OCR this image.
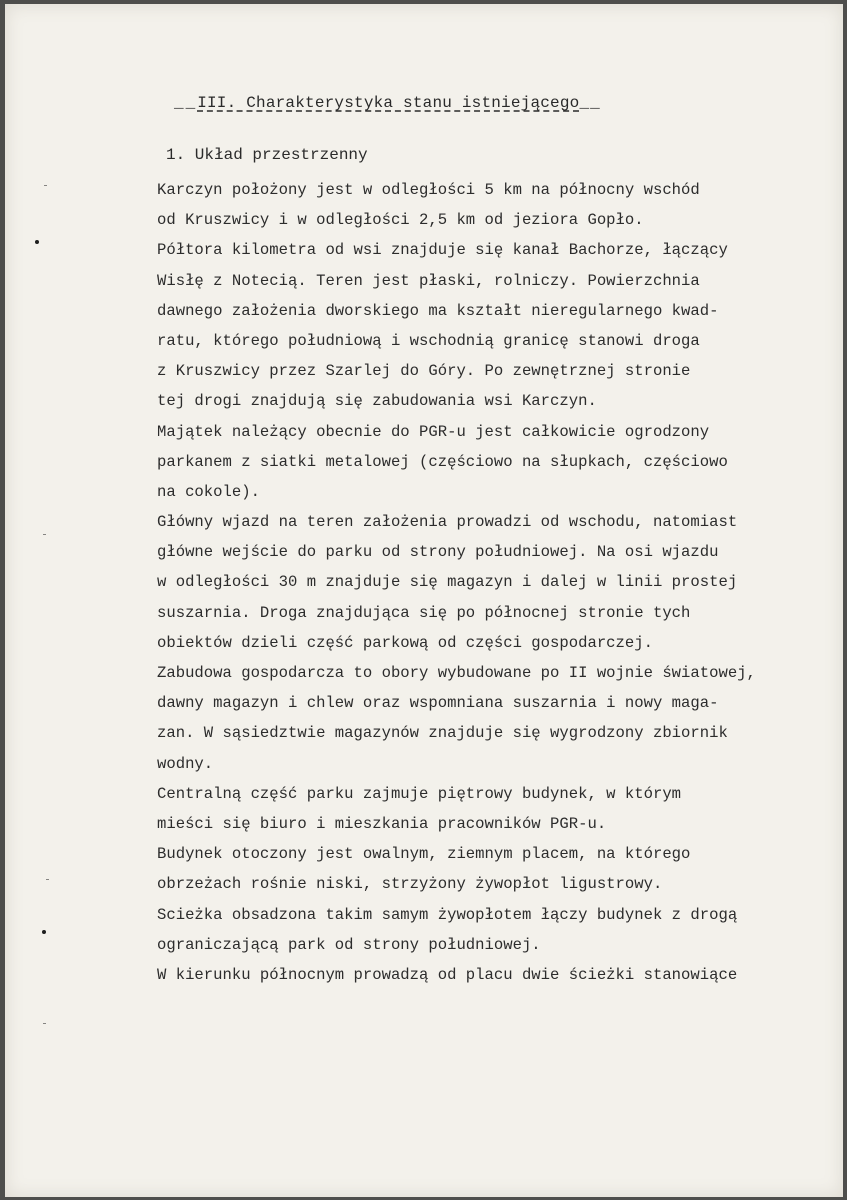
__III. Charakterystyka stanu istniejącego__
1. Układ przestrzenny
Karczyn położony jest w odległości 5 km na północny wschód
od Kruszwicy i w odległości 2,5 km od jeziora Gopło.
Półtora kilometra od wsi znajduje się kanał Bachorze, łączący
Wisłę z Notecią. Teren jest płaski, rolniczy. Powierzchnia
dawnego założenia dworskiego ma kształt nieregularnego kwad-
ratu, którego południową i wschodnią granicę stanowi droga
z Kruszwicy przez Szarlej do Góry. Po zewnętrznej stronie
tej drogi znajdują się zabudowania wsi Karczyn.
Majątek należący obecnie do PGR-u jest całkowicie ogrodzony
parkanem z siatki metalowej (częściowo na słupkach, częściowo
na cokole).
Główny wjazd na teren założenia prowadzi od wschodu, natomiast
główne wejście do parku od strony południowej. Na osi wjazdu
w odległości 30 m znajduje się magazyn i dalej w linii prostej
suszarnia. Droga znajdująca się po północnej stronie tych
obiektów dzieli część parkową od części gospodarczej.
Zabudowa gospodarcza to obory wybudowane po II wojnie światowej,
dawny magazyn i chlew oraz wspomniana suszarnia i nowy maga-
zan. W sąsiedztwie magazynów znajduje się wygrodzony zbiornik
wodny.
Centralną część parku zajmuje piętrowy budynek, w którym
mieści się biuro i mieszkania pracowników PGR-u.
Budynek otoczony jest owalnym, ziemnym placem, na którego
obrzeżach rośnie niski, strzyżony żywopłot ligustrowy.
Scieżka obsadzona takim samym żywopłotem łączy budynek z drogą
ograniczającą park od strony południowej.
W kierunku północnym prowadzą od placu dwie ścieżki stanowiące
